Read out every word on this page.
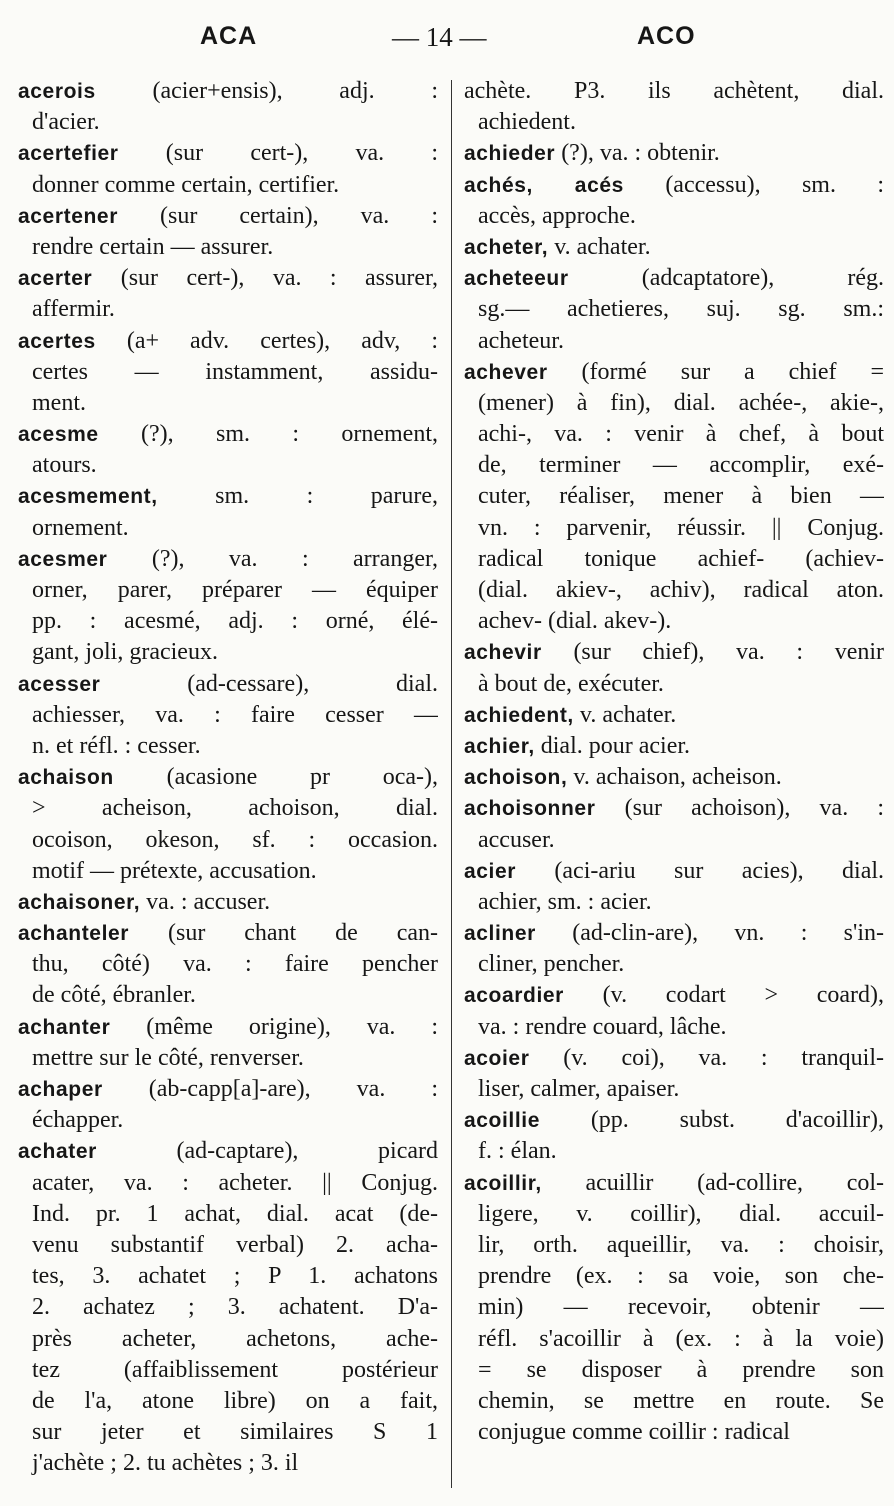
ACA	— 14 —	ACO
acerois (acier+ensis), adj. :
d'acier.
acertefier (sur cert-), va. :
donner comme certain, certifier.
acertener (sur certain), va. :
rendre certain — assurer.
acerter (sur cert-), va. : assurer,
affermir.
acertes (a+ adv. certes), adv, :
certes — instamment, assidu-
ment.
acesme (?), sm. : ornement,
atours.
acesmement, sm. : parure,
ornement.
acesmer (?), va. : arranger,
orner, parer, préparer — équiper
pp. : acesmé, adj. : orné, élé-
gant, joli, gracieux.
acesser	(ad-cessare), dial.
achiesser, va. : faire cesser —
n. et réfl. : cesser.
achaison (acasione pr oca-),
> acheison, achoison, dial.
ocoison, okeson, sf. : occasion.
motif — prétexte, accusation.
achaisoner, va. : accuser.
achanteler (sur chant de can-
thu, côté) va. : faire pencher
de côté, ébranler.
achanter (même origine), va. :
mettre sur le côté, renverser.
achaper (ab-capp[a]-are), va. :
échapper.
achater	(ad-captare), picard
acater, va. : acheter. || Conjug.
Ind. pr. 1 achat, dial. acat (de-
venu substantif verbal) 2. acha-
tes, 3. achatet ; P 1. achatons
2. achatez ; 3. achatent. D'a-
près acheter, achetons, ache-
tez (affaiblissement postérieur
de l'a, atone libre) on a fait,
sur jeter et similaires S 1
j'achète ; 2. tu achètes ; 3. il
achète. P3. ils achètent, dial.
achiedent.
achieder (?), va. : obtenir.
achés, acés (accessu), sm. :
accès, approche.
acheter, v. achater.
acheteeur	(adcaptatore), rég.
sg.— achetieres, suj. sg. sm.:
acheteur.
achever (formé sur a chief =
(mener) à fin), dial. achée-, akie-,
achi-, va. : venir à chef, à bout
de, terminer — accomplir, exé-
cuter, réaliser, mener à bien —
vn. : parvenir, réussir. || Conjug.
radical tonique achief- (achiev-
(dial. akiev-, achiv), radical aton.
achev- (dial. akev-).
achevir (sur chief), va. : venir
à bout de, exécuter.
achiedent, v. achater.
achier, dial. pour acier.
achoison, v. achaison, acheison.
achoisonner (sur achoison), va. :
accuser.
acier (aci-ariu sur acies), dial.
achier, sm. : acier.
acliner (ad-clin-are), vn. : s'in-
cliner, pencher.
acoardier (v. codart > coard),
va. : rendre couard, lâche.
acoier (v. coi), va. : tranquil-
liser, calmer, apaiser.
acoillie (pp. subst. d'acoillir),
f. : élan.
acoillir, acuillir (ad-collire, col-
ligere, v. coillir), dial. accuil-
lir, orth. aqueillir, va. : choisir,
prendre (ex. : sa voie, son che-
min) — recevoir, obtenir —
réfl. s'acoillir à (ex. : à la voie)
= se disposer à prendre son
chemin, se mettre en route. Se
conjugue comme coillir : radical
